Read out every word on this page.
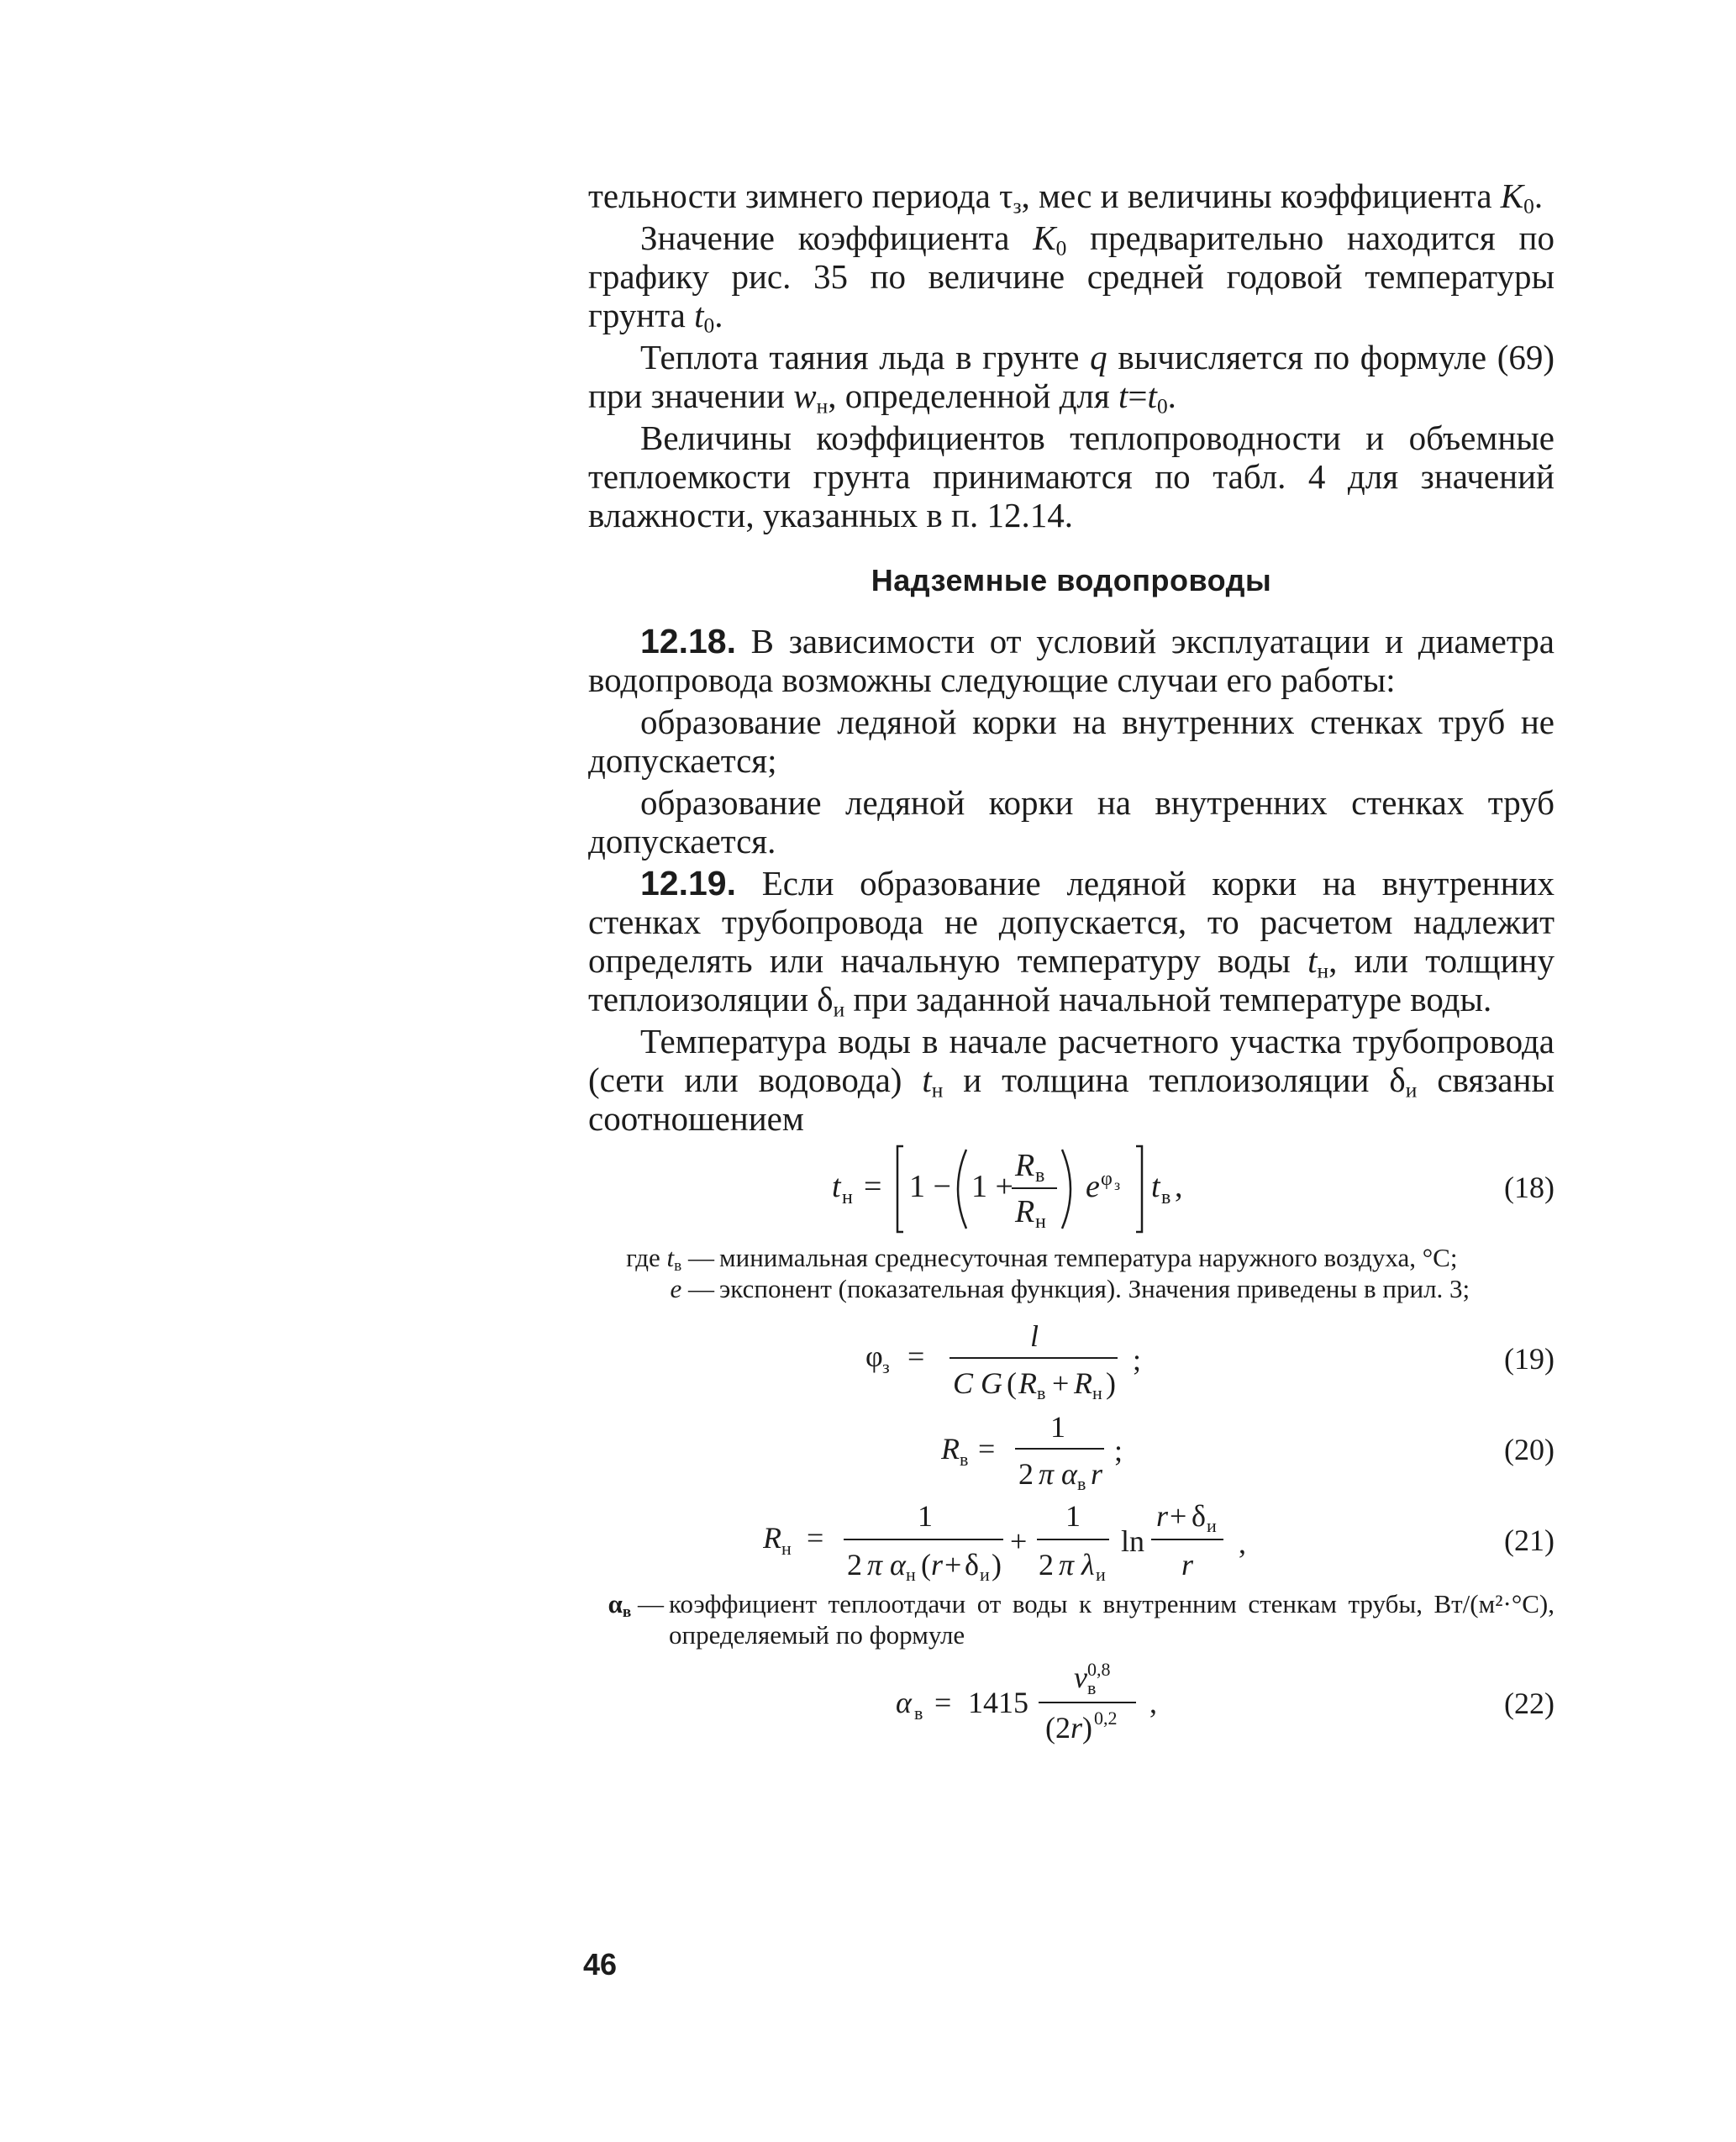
тельности зимнего периода $\tau_з$, мес и величины коэффициента $K_0$.

Значение коэффициента $K_0$ предварительно находится по графику рис. 35 по величине средней годовой температуры грунта $t_0$.

Теплота таяния льда в грунте q вычисляется по формуле (69) при значении $w_н$, определенной для $t=t_0$.

Величины коэффициентов теплопроводности и объемные теплоемкости грунта принимаются по табл. 4 для значений влажности, указанных в п. 12.14.

Надземные водопроводы

12.18. В зависимости от условий эксплуатации и диаметра водопровода возможны следующие случаи его работы:

образование ледяной корки на внутренних стенках труб не допускается;

образование ледяной корки на внутренних стенках труб допускается.

12.19. Если образование ледяной корки на внутренних стенках трубопровода не допускается, то расчетом надлежит определять или начальную температуру воды $t_н$, или толщину теплоизоляции $\delta_и$ при заданной начальной температуре воды.

Температура воды в начале расчетного участка трубопровода (сети или водовода) $t_н$ и толщина теплоизоляции $\delta_и$ связаны соотношением

t н = 1 − 1 +
R в
R н
e φ з t в ,	(18)
где $t_в$ — минимальная среднесуточная температура наружного воздуха, °С;
e — экспонент (показательная функция). Значения приведены в прил. 3;
φ з =
l
C G ( R в + R н )
;	(19)
R в =
1
2 π α в r
;	(20)
R н =
1
2 π α н ( r + δ и )
+
1
2 π λ и
ln
r + δ и
r
,	(21)
$\alpha_в$ — коэффициент теплоотдачи от воды к внутренним стенкам трубы, Вт/(м²·°С), определяемый по формуле
α в = 1415
v 0,8
в
(2 r ) 0,2 ,	(22)
46
